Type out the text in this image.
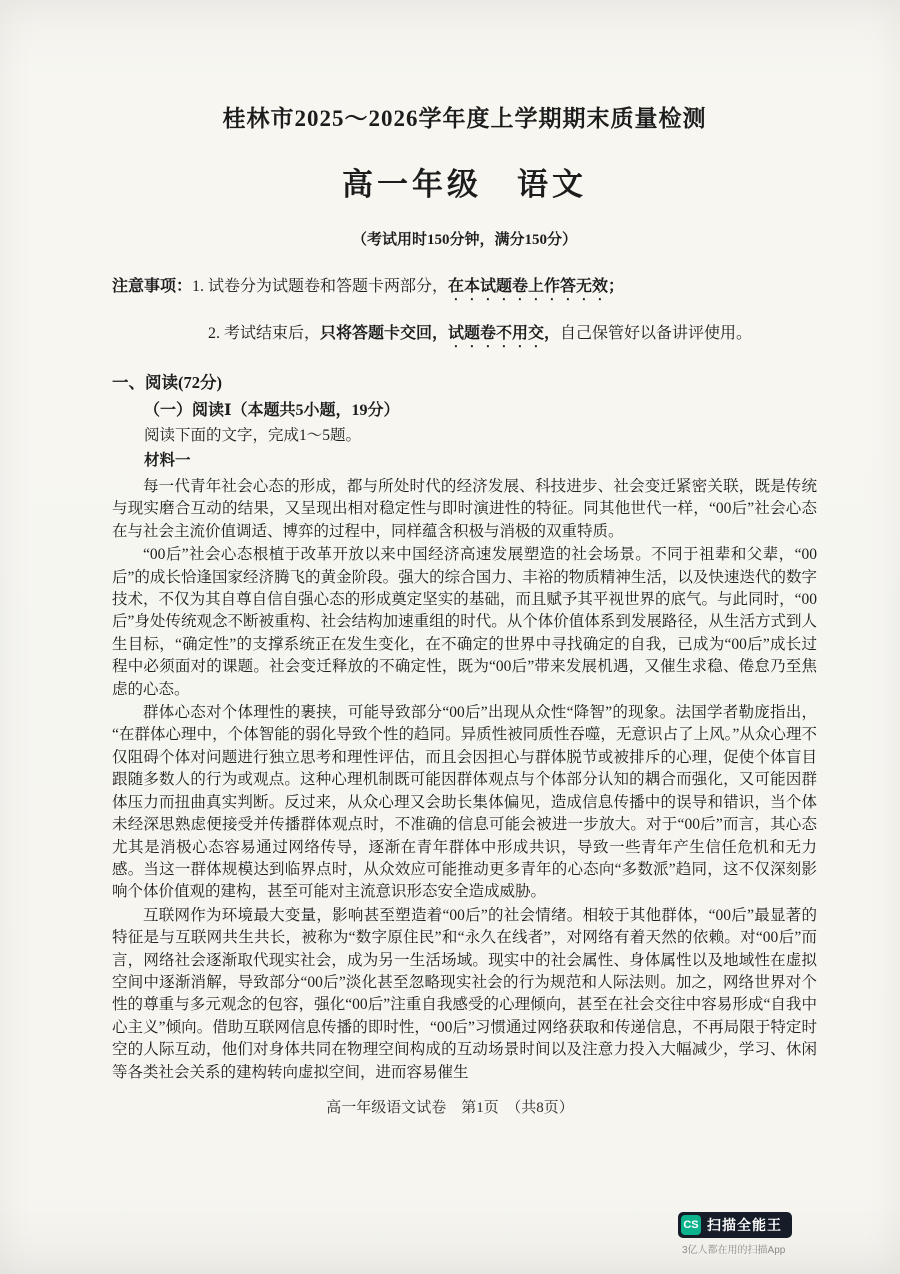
桂林市2025～2026学年度上学期期末质量检测
高一年级　语文
（考试用时150分钟，满分150分）
注意事项：1. 试卷分为试题卷和答题卡两部分，在本试题卷上作答无效；
2. 考试结束后，只将答题卡交回，试题卷不用交，自己保管好以备讲评使用。
一、阅读(72分)
（一）阅读Ⅰ（本题共5小题，19分）
阅读下面的文字，完成1～5题。
材料一

每一代青年社会心态的形成，都与所处时代的经济发展、科技进步、社会变迁紧密关联，既是传统与现实磨合互动的结果，又呈现出相对稳定性与即时演进性的特征。同其他世代一样，“00后”社会心态在与社会主流价值调适、博弈的过程中，同样蕴含积极与消极的双重特质。

“00后”社会心态根植于改革开放以来中国经济高速发展塑造的社会场景。不同于祖辈和父辈，“00后”的成长恰逢国家经济腾飞的黄金阶段。强大的综合国力、丰裕的物质精神生活，以及快速迭代的数字技术，不仅为其自尊自信自强心态的形成奠定坚实的基础，而且赋予其平视世界的底气。与此同时，“00后”身处传统观念不断被重构、社会结构加速重组的时代。从个体价值体系到发展路径，从生活方式到人生目标，“确定性”的支撑系统正在发生变化，在不确定的世界中寻找确定的自我，已成为“00后”成长过程中必须面对的课题。社会变迁释放的不确定性，既为“00后”带来发展机遇，又催生求稳、倦怠乃至焦虑的心态。

群体心态对个体理性的裹挟，可能导致部分“00后”出现从众性“降智”的现象。法国学者勒庞指出，“在群体心理中，个体智能的弱化导致个性的趋同。异质性被同质性吞噬，无意识占了上风。”从众心理不仅阻碍个体对问题进行独立思考和理性评估，而且会因担心与群体脱节或被排斥的心理，促使个体盲目跟随多数人的行为或观点。这种心理机制既可能因群体观点与个体部分认知的耦合而强化，又可能因群体压力而扭曲真实判断。反过来，从众心理又会助长集体偏见，造成信息传播中的误导和错识，当个体未经深思熟虑便接受并传播群体观点时，不准确的信息可能会被进一步放大。对于“00后”而言，其心态尤其是消极心态容易通过网络传导，逐渐在青年群体中形成共识，导致一些青年产生信任危机和无力感。当这一群体规模达到临界点时，从众效应可能推动更多青年的心态向“多数派”趋同，这不仅深刻影响个体价值观的建构，甚至可能对主流意识形态安全造成威胁。

互联网作为环境最大变量，影响甚至塑造着“00后”的社会情绪。相较于其他群体，“00后”最显著的特征是与互联网共生共长，被称为“数字原住民”和“永久在线者”，对网络有着天然的依赖。对“00后”而言，网络社会逐渐取代现实社会，成为另一生活场域。现实中的社会属性、身体属性以及地域性在虚拟空间中逐渐消解，导致部分“00后”淡化甚至忽略现实社会的行为规范和人际法则。加之，网络世界对个性的尊重与多元观念的包容，强化“00后”注重自我感受的心理倾向，甚至在社会交往中容易形成“自我中心主义”倾向。借助互联网信息传播的即时性，“00后”习惯通过网络获取和传递信息，不再局限于特定时空的人际互动，他们对身体共同在物理空间构成的互动场景时间以及注意力投入大幅减少，学习、休闲等各类社会关系的建构转向虚拟空间，进而容易催生

高一年级语文试卷　第1页　（共8页）
CS 扫描全能王
3亿人都在用的扫描App
